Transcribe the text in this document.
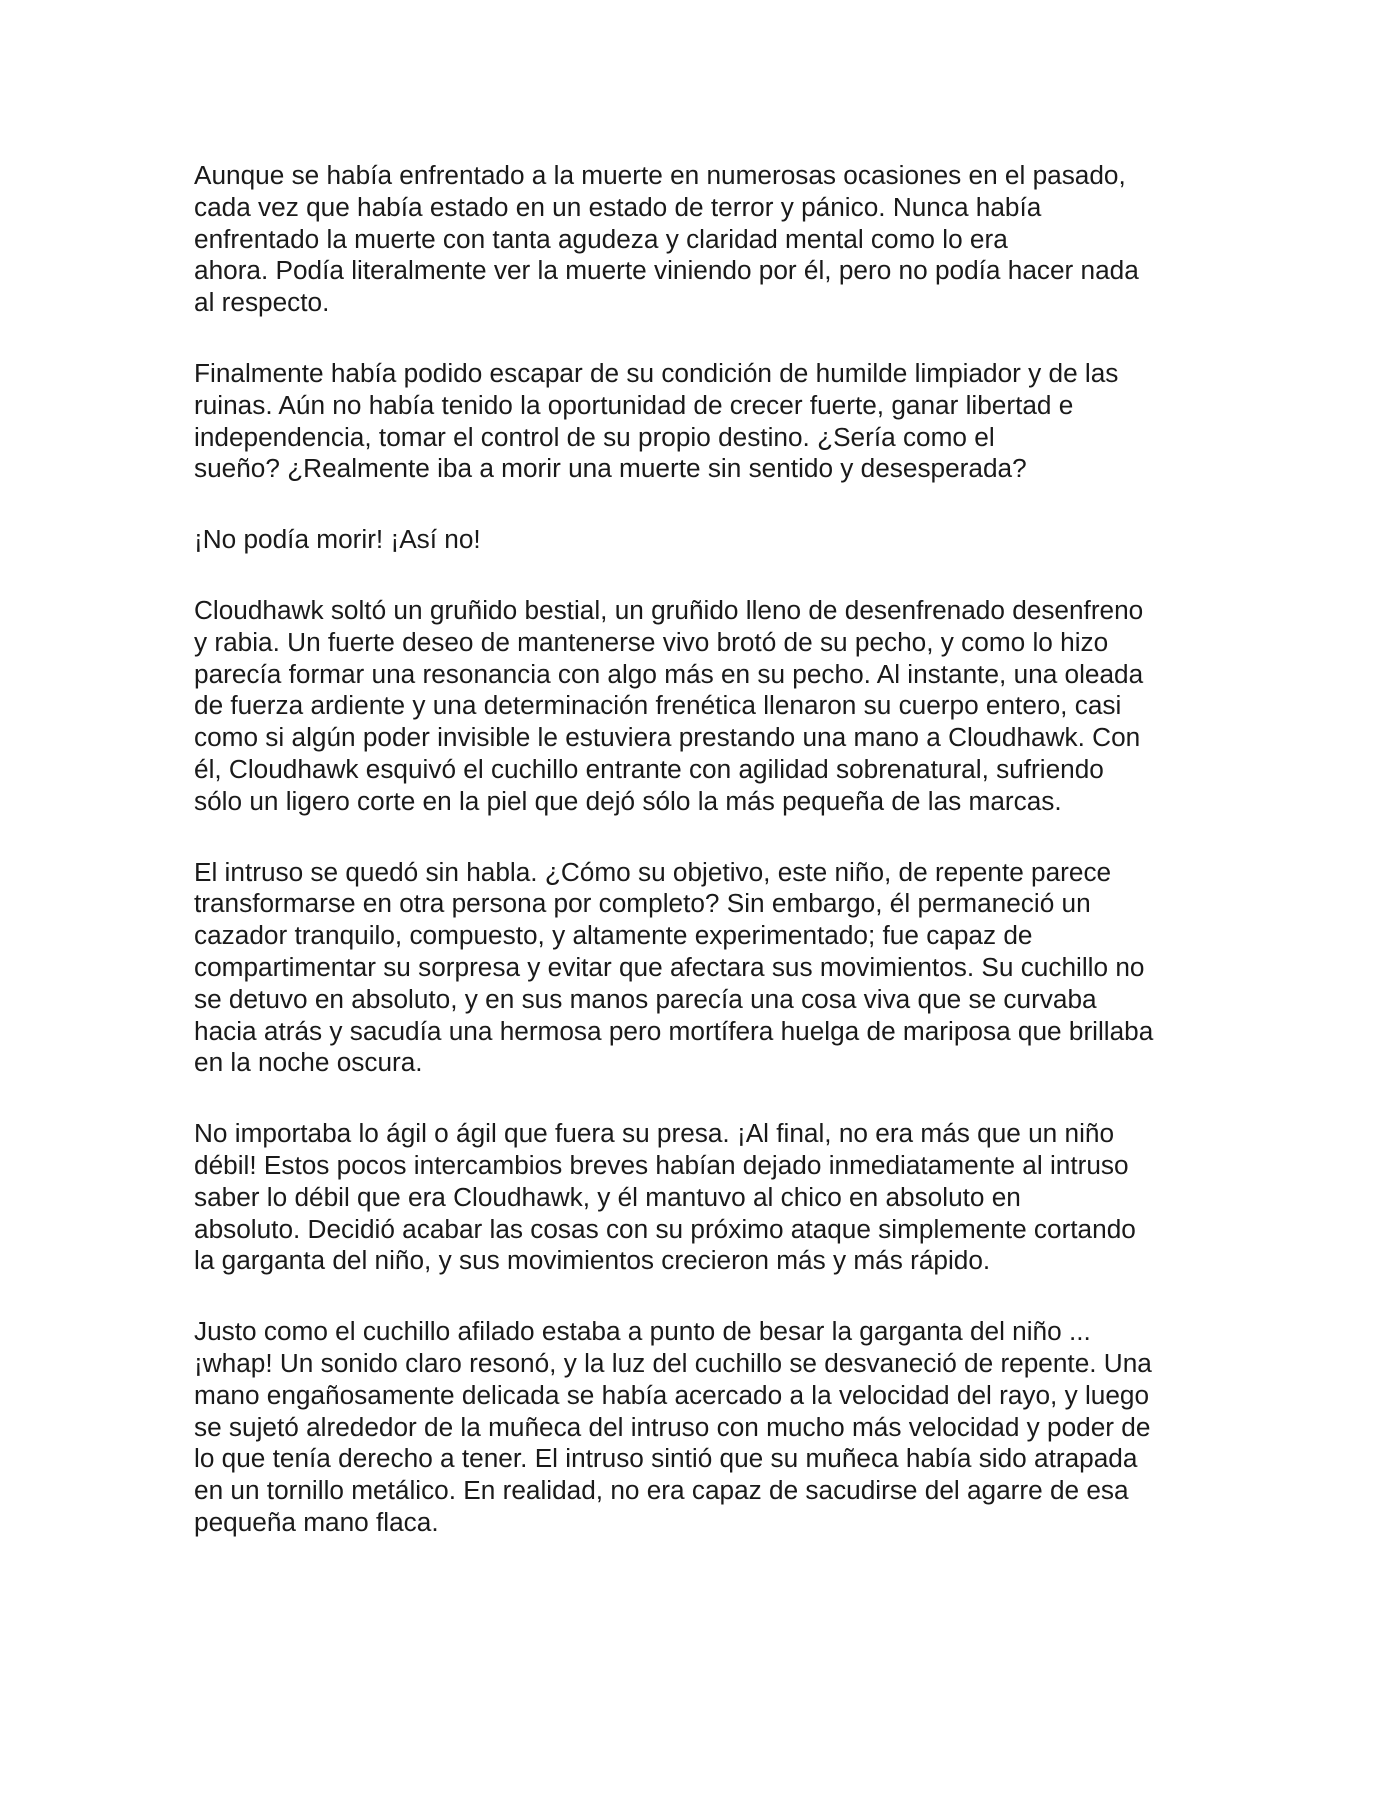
Aunque se había enfrentado a la muerte en numerosas ocasiones en el pasado,
cada vez que había estado en un estado de terror y pánico. Nunca había
enfrentado la muerte con tanta agudeza y claridad mental como lo era
ahora. Podía literalmente ver la muerte viniendo por él, pero no podía hacer nada
al respecto.

Finalmente había podido escapar de su condición de humilde limpiador y de las
ruinas. Aún no había tenido la oportunidad de crecer fuerte, ganar libertad e
independencia, tomar el control de su propio destino. ¿Sería como el
sueño? ¿Realmente iba a morir una muerte sin sentido y desesperada?

¡No podía morir! ¡Así no!

Cloudhawk soltó un gruñido bestial, un gruñido lleno de desenfrenado desenfreno
y rabia. Un fuerte deseo de mantenerse vivo brotó de su pecho, y como lo hizo
parecía formar una resonancia con algo más en su pecho. Al instante, una oleada
de fuerza ardiente y una determinación frenética llenaron su cuerpo entero, casi
como si algún poder invisible le estuviera prestando una mano a Cloudhawk. Con
él, Cloudhawk esquivó el cuchillo entrante con agilidad sobrenatural, sufriendo
sólo un ligero corte en la piel que dejó sólo la más pequeña de las marcas.

El intruso se quedó sin habla. ¿Cómo su objetivo, este niño, de repente parece
transformarse en otra persona por completo? Sin embargo, él permaneció un
cazador tranquilo, compuesto, y altamente experimentado; fue capaz de
compartimentar su sorpresa y evitar que afectara sus movimientos. Su cuchillo no
se detuvo en absoluto, y en sus manos parecía una cosa viva que se curvaba
hacia atrás y sacudía una hermosa pero mortífera huelga de mariposa que brillaba
en la noche oscura.

No importaba lo ágil o ágil que fuera su presa. ¡Al final, no era más que un niño
débil! Estos pocos intercambios breves habían dejado inmediatamente al intruso
saber lo débil que era Cloudhawk, y él mantuvo al chico en absoluto en
absoluto. Decidió acabar las cosas con su próximo ataque simplemente cortando
la garganta del niño, y sus movimientos crecieron más y más rápido.

Justo como el cuchillo afilado estaba a punto de besar la garganta del niño ...
¡whap! Un sonido claro resonó, y la luz del cuchillo se desvaneció de repente. Una
mano engañosamente delicada se había acercado a la velocidad del rayo, y luego
se sujetó alrededor de la muñeca del intruso con mucho más velocidad y poder de
lo que tenía derecho a tener. El intruso sintió que su muñeca había sido atrapada
en un tornillo metálico. En realidad, no era capaz de sacudirse del agarre de esa
pequeña mano flaca.
